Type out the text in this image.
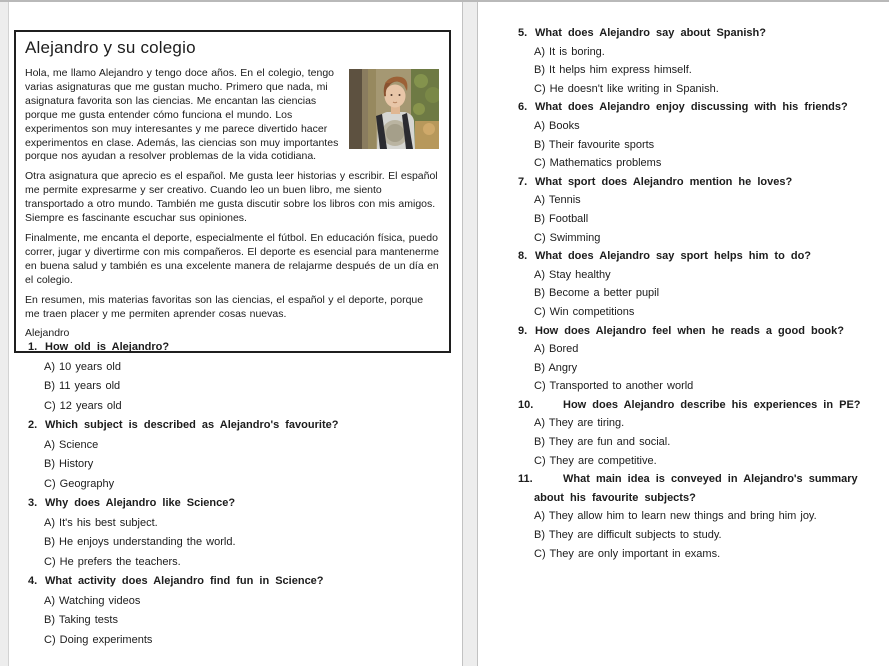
Alejandro y su colegio

Hola, me llamo Alejandro y tengo doce años. En el colegio, tengo varias asignaturas que me gustan mucho. Primero que nada, mi asignatura favorita son las ciencias. Me encantan las ciencias porque me gusta entender cómo funciona el mundo. Los experimentos son muy interesantes y me parece divertido hacer experimentos en clase. Además, las ciencias son muy importantes porque nos ayudan a resolver problemas de la vida cotidiana.

Otra asignatura que aprecio es el español. Me gusta leer historias y escribir. El español me permite expresarme y ser creativo. Cuando leo un buen libro, me siento transportado a otro mundo. También me gusta discutir sobre los libros con mis amigos. Siempre es fascinante escuchar sus opiniones.

Finalmente, me encanta el deporte, especialmente el fútbol. En educación física, puedo correr, jugar y divertirme con mis compañeros. El deporte es esencial para mantenerme en buena salud y también es una excelente manera de relajarme después de un día en el colegio.

En resumen, mis materias favoritas son las ciencias, el español y el deporte, porque me traen placer y me permiten aprender cosas nuevas.

Alejandro

1. How old is Alejandro?
A) 10 years old
B) 11 years old
C) 12 years old
2. Which subject is described as Alejandro's favourite?
A) Science
B) History
C) Geography
3. Why does Alejandro like Science?
A) It's his best subject.
B) He enjoys understanding the world.
C) He prefers the teachers.
4. What activity does Alejandro find fun in Science?
A) Watching videos
B) Taking tests
C) Doing experiments
5. What does Alejandro say about Spanish?
A) It is boring.
B) It helps him express himself.
C) He doesn't like writing in Spanish.
6. What does Alejandro enjoy discussing with his friends?
A) Books
B) Their favourite sports
C) Mathematics problems
7. What sport does Alejandro mention he loves?
A) Tennis
B) Football
C) Swimming
8. What does Alejandro say sport helps him to do?
A) Stay healthy
B) Become a better pupil
C) Win competitions
9. How does Alejandro feel when he reads a good book?
A) Bored
B) Angry
C) Transported to another world
10.	How does Alejandro describe his experiences in PE?
A) They are tiring.
B) They are fun and social.
C) They are competitive.
11.	What main idea is conveyed in Alejandro's summary about his favourite subjects?
A) They allow him to learn new things and bring him joy.
B) They are difficult subjects to study.
C) They are only important in exams.
